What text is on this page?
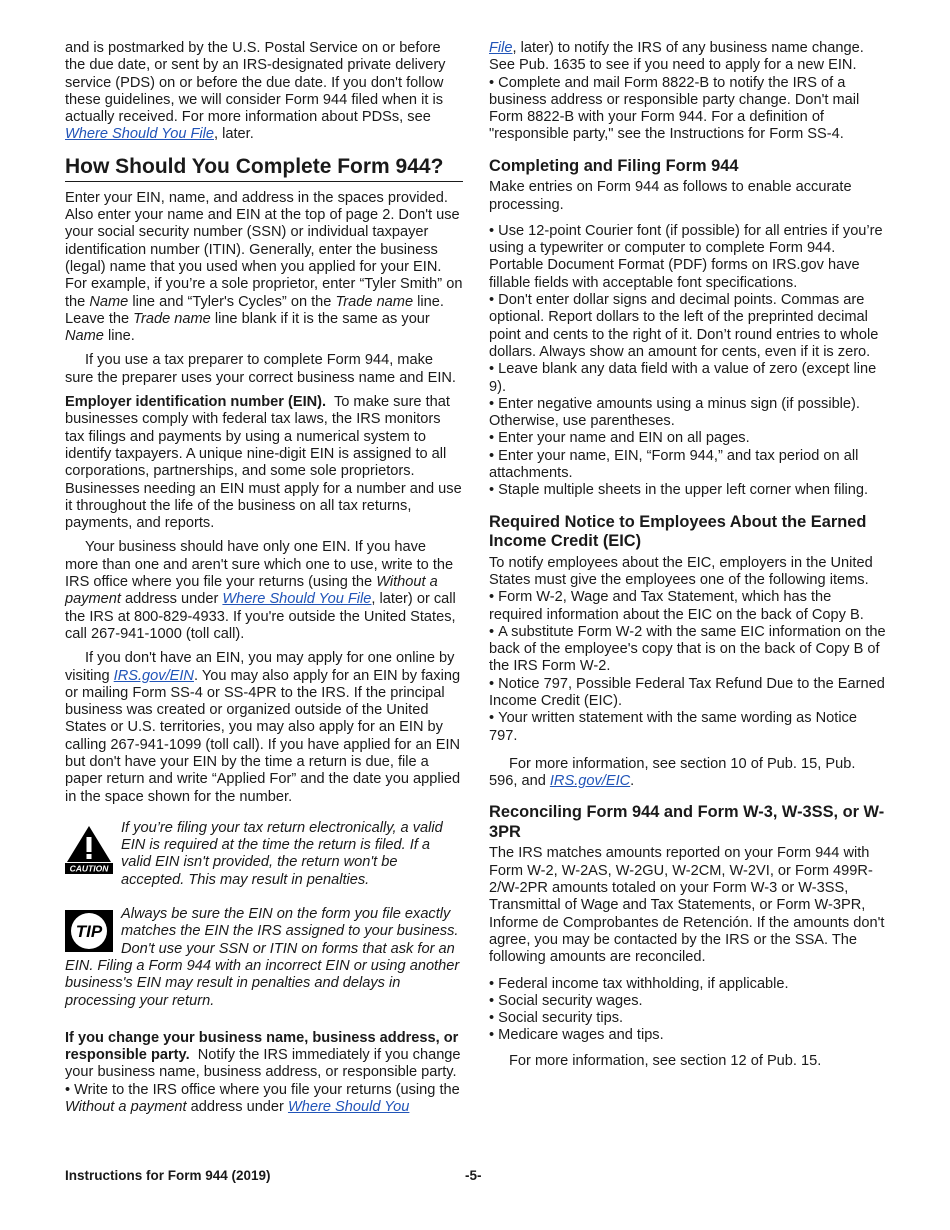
and is postmarked by the U.S. Postal Service on or before the due date, or sent by an IRS-designated private delivery service (PDS) on or before the due date. If you don't follow these guidelines, we will consider Form 944 filed when it is actually received. For more information about PDSs, see Where Should You File, later.

How Should You Complete Form 944?

Enter your EIN, name, and address in the spaces provided. Also enter your name and EIN at the top of page 2. Don't use your social security number (SSN) or individual taxpayer identification number (ITIN). Generally, enter the business (legal) name that you used when you applied for your EIN. For example, if you’re a sole proprietor, enter “Tyler Smith” on the Name line and “Tyler's Cycles” on the Trade name line. Leave the Trade name line blank if it is the same as your Name line.

If you use a tax preparer to complete Form 944, make sure the preparer uses your correct business name and EIN.

Employer identification number (EIN). To make sure that businesses comply with federal tax laws, the IRS monitors tax filings and payments by using a numerical system to identify taxpayers. A unique nine-digit EIN is assigned to all corporations, partnerships, and some sole proprietors. Businesses needing an EIN must apply for a number and use it throughout the life of the business on all tax returns, payments, and reports.

Your business should have only one EIN. If you have more than one and aren't sure which one to use, write to the IRS office where you file your returns (using the Without a payment address under Where Should You File, later) or call the IRS at 800-829-4933. If you're outside the United States, call 267-941-1000 (toll call).

If you don't have an EIN, you may apply for one online by visiting IRS.gov/EIN. You may also apply for an EIN by faxing or mailing Form SS-4 or SS-4PR to the IRS. If the principal business was created or organized outside of the United States or U.S. territories, you may also apply for an EIN by calling 267-941-1099 (toll call). If you have applied for an EIN but don't have your EIN by the time a return is due, file a paper return and write “Applied For” and the date you applied in the space shown for the number.

CAUTION
If you’re filing your tax return electronically, a valid EIN is required at the time the return is filed. If a valid EIN isn't provided, the return won't be accepted. This may result in penalties.
TIP
Always be sure the EIN on the form you file exactly matches the EIN the IRS assigned to your business. Don't use your SSN or ITIN on forms that ask for an EIN. Filing a Form 944 with an incorrect EIN or using another business's EIN may result in penalties and delays in processing your return.

If you change your business name, business address, or responsible party. Notify the IRS immediately if you change your business name, business address, or responsible party.

• Write to the IRS office where you file your returns (using the Without a payment address under Where Should You

File, later) to notify the IRS of any business name change. See Pub. 1635 to see if you need to apply for a new EIN.

• Complete and mail Form 8822-B to notify the IRS of a business address or responsible party change. Don't mail Form 8822-B with your Form 944. For a definition of "responsible party," see the Instructions for Form SS-4.

Completing and Filing Form 944

Make entries on Form 944 as follows to enable accurate processing.

• Use 12-point Courier font (if possible) for all entries if you’re using a typewriter or computer to complete Form 944. Portable Document Format (PDF) forms on IRS.gov have fillable fields with acceptable font specifications.

• Don't enter dollar signs and decimal points. Commas are optional. Report dollars to the left of the preprinted decimal point and cents to the right of it. Don’t round entries to whole dollars. Always show an amount for cents, even if it is zero.

• Leave blank any data field with a value of zero (except line 9).

• Enter negative amounts using a minus sign (if possible). Otherwise, use parentheses.

• Enter your name and EIN on all pages.

• Enter your name, EIN, “Form 944,” and tax period on all attachments.

• Staple multiple sheets in the upper left corner when filing.

Required Notice to Employees About the Earned Income Credit (EIC)

To notify employees about the EIC, employers in the United States must give the employees one of the following items.

• Form W-2, Wage and Tax Statement, which has the required information about the EIC on the back of Copy B.

• A substitute Form W-2 with the same EIC information on the back of the employee's copy that is on the back of Copy B of the IRS Form W-2.

• Notice 797, Possible Federal Tax Refund Due to the Earned Income Credit (EIC).

• Your written statement with the same wording as Notice 797.

For more information, see section 10 of Pub. 15, Pub. 596, and IRS.gov/EIC.

Reconciling Form 944 and Form W-3, W-3SS, or W-3PR

The IRS matches amounts reported on your Form 944 with Form W-2, W-2AS, W-2GU, W-2CM, W-2VI, or Form 499R-2/W-2PR amounts totaled on your Form W-3 or W-3SS, Transmittal of Wage and Tax Statements, or Form W-3PR, Informe de Comprobantes de Retención. If the amounts don't agree, you may be contacted by the IRS or the SSA. The following amounts are reconciled.

• Federal income tax withholding, if applicable.

• Social security wages.

• Social security tips.

• Medicare wages and tips.

For more information, see section 12 of Pub. 15.

Instructions for Form 944 (2019)	-5-
